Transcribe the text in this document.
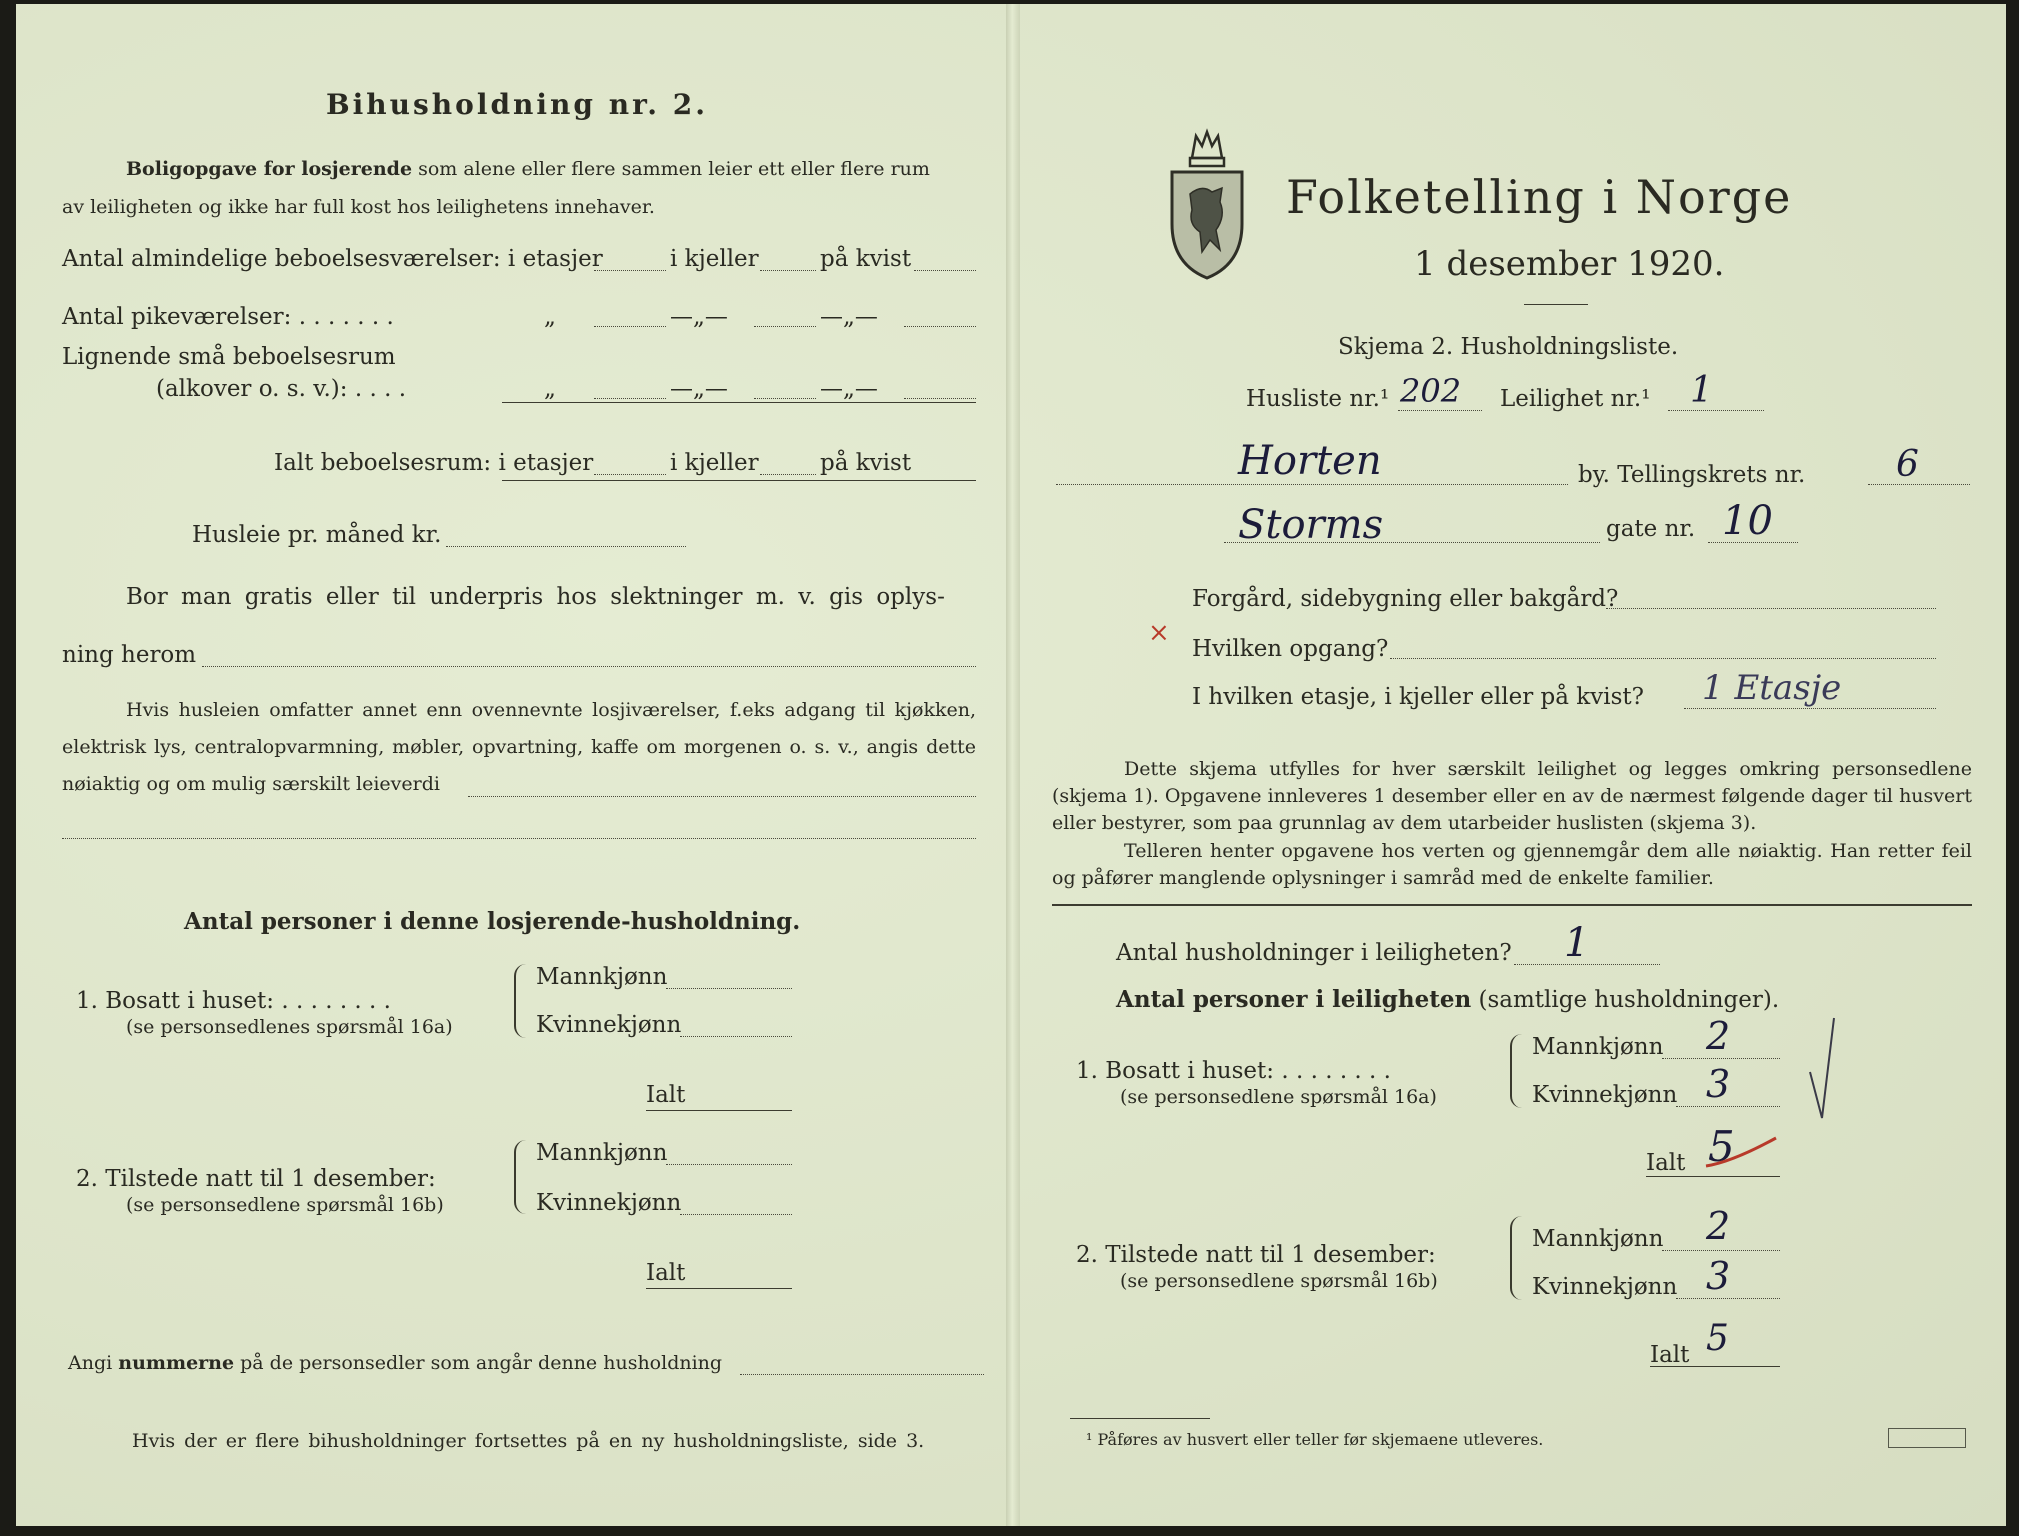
Bihusholdning nr. 2.
Boligopgave for losjerende som alene eller flere sammen leier ett eller flere rum
av leiligheten og ikke har full kost hos leilighetens innehaver.
Antal almindelige beboelsesværelser: i etasjer	i kjeller	på kvist
Antal pikeværelser: . . . . . . .	„	—„—	—„—
Lignende små beboelsesrum
(alkover o. s. v.): . . . .	„	—„—	—„—
Ialt beboelsesrum: i etasjer	i kjeller	på kvist
Husleie pr. måned kr.
Bor man gratis eller til underpris hos slektninger m. v. gis oplys-
ning herom
Hvis husleien omfatter annet enn ovennevnte losjiværelser, f.eks adgang til kjøkken, elektrisk lys, centralopvarmning, møbler, opvartning, kaffe om morgenen o. s. v., angis dette nøiaktig og om mulig særskilt leieverdi
Antal personer i denne losjerende-husholdning.
1. Bosatt i huset: . . . . . . . .
(se personsedlenes spørsmål 16a)
Mannkjønn
Kvinnekjønn
Ialt
2. Tilstede natt til 1 desember:
(se personsedlene spørsmål 16b)
Mannkjønn
Kvinnekjønn
Ialt
Angi nummerne på de personsedler som angår denne husholdning
Hvis der er flere bihusholdninger fortsettes på en ny husholdningsliste, side 3.
Folketelling i Norge
1 desember 1920.
Skjema 2. Husholdningsliste.
Husliste nr.¹ 202 Leilighet nr.¹ 1
Horten	by. Tellingskrets nr.	6
Storms	gate nr. 10
Forgård, sidebygning eller bakgård?
×
Hvilken opgang?
I hvilken etasje, i kjeller eller på kvist? 1 Etasje
Dette skjema utfylles for hver særskilt leilighet og legges omkring personsedlene (skjema 1). Opgavene innleveres 1 desember eller en av de nærmest følgende dager til husvert eller bestyrer, som paa grunnlag av dem utarbeider huslisten (skjema 3).
Telleren henter opgavene hos verten og gjennemgår dem alle nøiaktig. Han retter feil og påfører manglende oplysninger i samråd med de enkelte familier.
Antal husholdninger i leiligheten? 1
Antal personer i leiligheten (samtlige husholdninger).
1. Bosatt i huset: . . . . . . . .
(se personsedlene spørsmål 16a)
Mannkjønn 2
Kvinnekjønn 3
Ialt 5
2. Tilstede natt til 1 desember:
(se personsedlene spørsmål 16b)
Mannkjønn 2
Kvinnekjønn 3
Ialt 5
¹ Påføres av husvert eller teller før skjemaene utleveres.
